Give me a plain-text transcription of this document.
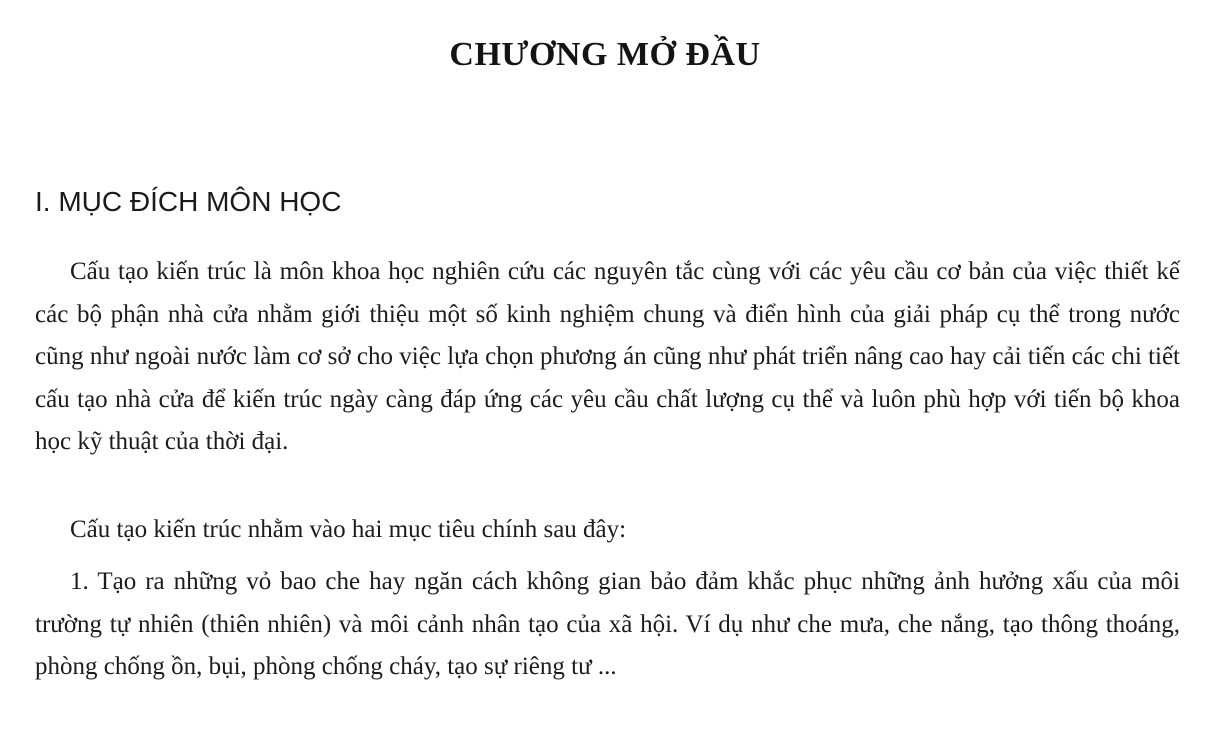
CHƯƠNG MỞ ĐẦU
I. MỤC ĐÍCH MÔN HỌC

Cấu tạo kiến trúc là môn khoa học nghiên cứu các nguyên tắc cùng với các yêu cầu cơ bản của việc thiết kế các bộ phận nhà cửa nhằm giới thiệu một số kinh nghiệm chung và điển hình của giải pháp cụ thể trong nước cũng như ngoài nước làm cơ sở cho việc lựa chọn phương án cũng như phát triển nâng cao hay cải tiến các chi tiết cấu tạo nhà cửa để kiến trúc ngày càng đáp ứng các yêu cầu chất lượng cụ thể và luôn phù hợp với tiến bộ khoa học kỹ thuật của thời đại.

Cấu tạo kiến trúc nhằm vào hai mục tiêu chính sau đây:

1. Tạo ra những vỏ bao che hay ngăn cách không gian bảo đảm khắc phục những ảnh hưởng xấu của môi trường tự nhiên (thiên nhiên) và môi cảnh nhân tạo của xã hội. Ví dụ như che mưa, che nắng, tạo thông thoáng, phòng chống ồn, bụi, phòng chống cháy, tạo sự riêng tư ...
